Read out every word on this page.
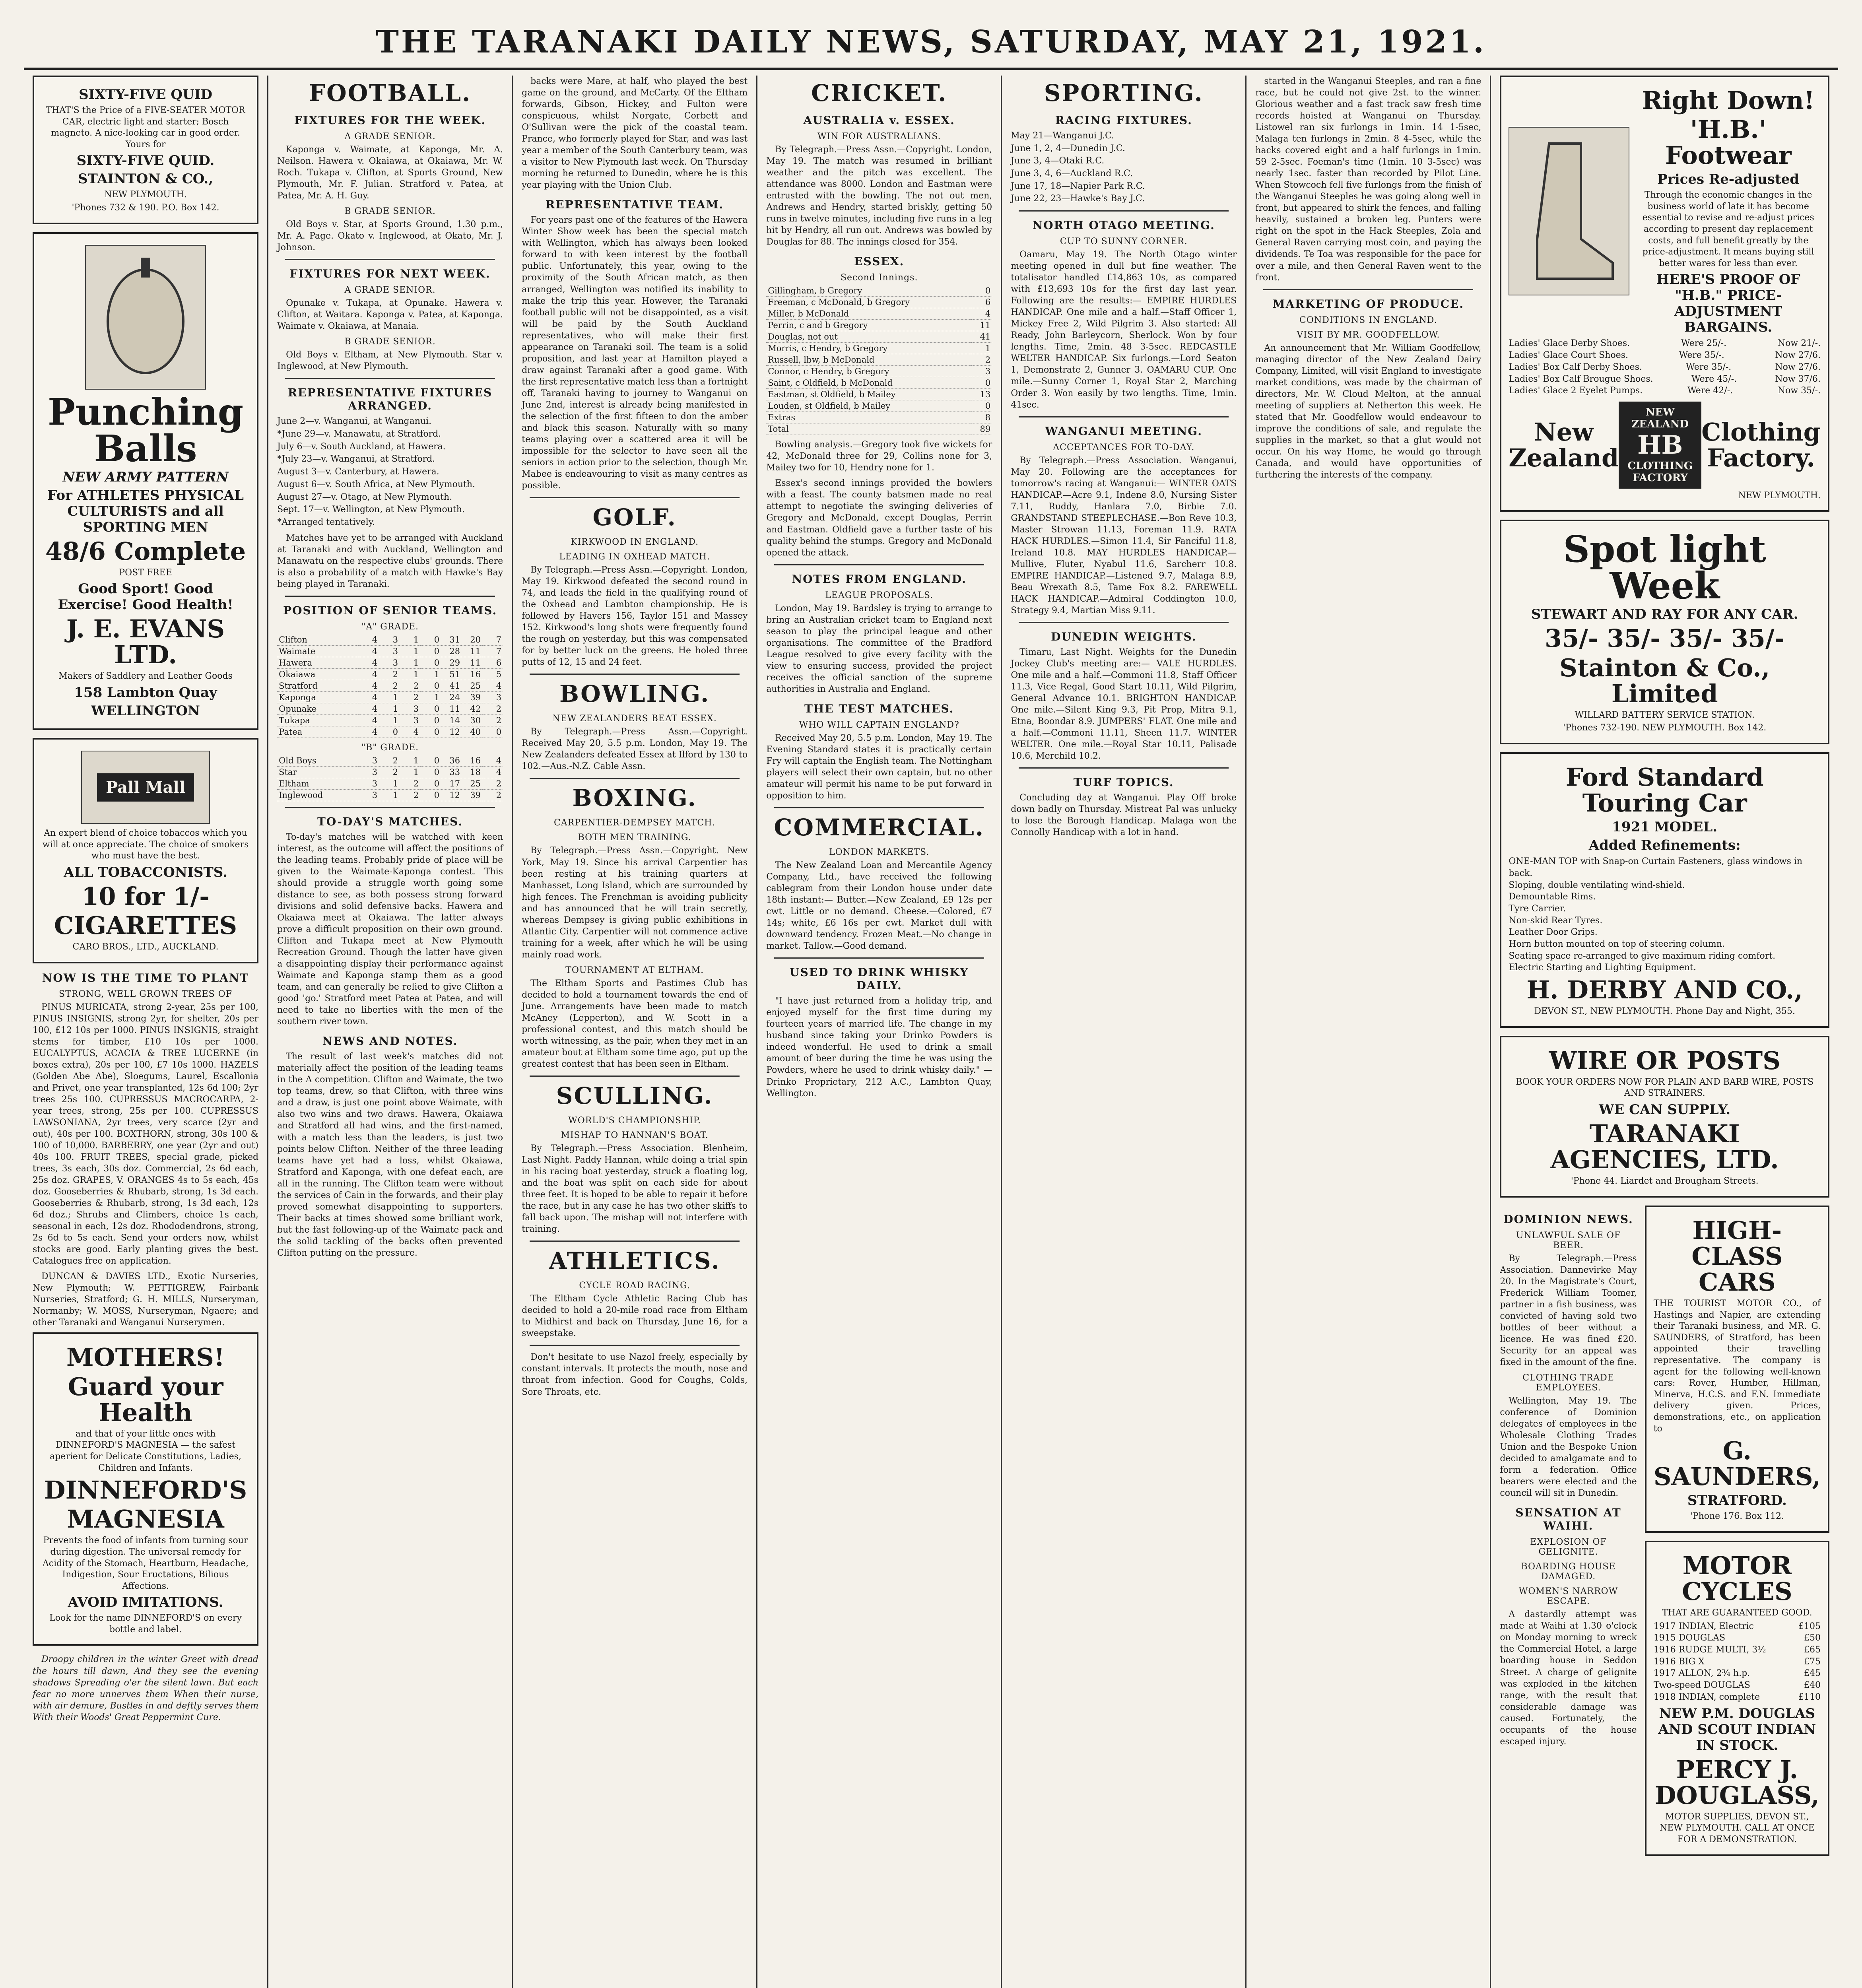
THE TARANAKI DAILY NEWS, SATURDAY, MAY 21, 1921.
SIXTY-FIVE QUID
THAT'S the Price of a FIVE-SEATER MOTOR CAR, electric light and starter; Bosch magneto. A nice-looking car in good order. Yours for
SIXTY-FIVE QUID.
STAINTON & CO.,
NEW PLYMOUTH.
'Phones 732 & 190. P.O. Box 142.
Punching Balls
NEW ARMY PATTERN
For ATHLETES PHYSICAL CULTURISTS and all SPORTING MEN
48/6 Complete
POST FREE
Good Sport! Good Exercise! Good Health!
J. E. EVANS LTD.
Makers of Saddlery and Leather Goods
158 Lambton Quay
WELLINGTON
Pall Mall
An expert blend of choice tobaccos which you will at once appreciate. The choice of smokers who must have the best.
ALL TOBACCONISTS.
10 for 1/-
CIGARETTES
CARO BROS., LTD., AUCKLAND.
NOW IS THE TIME TO PLANT
STRONG, WELL GROWN TREES OF

PINUS MURICATA, strong 2-year, 25s per 100, PINUS INSIGNIS, strong 2yr, for shelter, 20s per 100, £12 10s per 1000. PINUS INSIGNIS, straight stems for timber, £10 10s per 1000. EUCALYPTUS, ACACIA & TREE LUCERNE (in boxes extra), 20s per 100, £7 10s 1000. HAZELS (Golden Abe Abe), Sloegums, Laurel, Escallonia and Privet, one year transplanted, 12s 6d 100; 2yr trees 25s 100. CUPRESSUS MACROCARPA, 2-year trees, strong, 25s per 100. CUPRESSUS LAWSONIANA, 2yr trees, very scarce (2yr and out), 40s per 100. BOXTHORN, strong, 30s 100 & 100 of 10,000. BARBERRY, one year (2yr and out) 40s 100. FRUIT TREES, special grade, picked trees, 3s each, 30s doz. Commercial, 2s 6d each, 25s doz. GRAPES, V. ORANGES 4s to 5s each, 45s doz. Gooseberries & Rhubarb, strong, 1s 3d each. Gooseberries & Rhubarb, strong, 1s 3d each, 12s 6d doz.; Shrubs and Climbers, choice 1s each, seasonal in each, 12s doz. Rhododendrons, strong, 2s 6d to 5s each. Send your orders now, whilst stocks are good. Early planting gives the best. Catalogues free on application.

DUNCAN & DAVIES LTD., Exotic Nurseries, New Plymouth; W. PETTIGREW, Fairbank Nurseries, Stratford; G. H. MILLS, Nurseryman, Normanby; W. MOSS, Nurseryman, Ngaere; and other Taranaki and Wanganui Nurserymen.

MOTHERS!
Guard your Health
and that of your little ones with DINNEFORD'S MAGNESIA — the safest aperient for Delicate Constitutions, Ladies, Children and Infants.
DINNEFORD'S
MAGNESIA
Prevents the food of infants from turning sour during digestion. The universal remedy for Acidity of the Stomach, Heartburn, Headache, Indigestion, Sour Eructations, Bilious Affections.
AVOID IMITATIONS.
Look for the name DINNEFORD'S on every bottle and label.

Droopy children in the winter Greet with dread the hours till dawn, And they see the evening shadows Spreading o'er the silent lawn. But each fear no more unnerves them When their nurse, with air demure, Bustles in and deftly serves them With their Woods' Great Peppermint Cure.

FOOTBALL.
FIXTURES FOR THE WEEK.
A GRADE SENIOR.

Kaponga v. Waimate, at Kaponga, Mr. A. Neilson. Hawera v. Okaiawa, at Okaiawa, Mr. W. Roch. Tukapa v. Clifton, at Sports Ground, New Plymouth, Mr. F. Julian. Stratford v. Patea, at Patea, Mr. A. H. Guy.

B GRADE SENIOR.

Old Boys v. Star, at Sports Ground, 1.30 p.m., Mr. A. Page. Okato v. Inglewood, at Okato, Mr. J. Johnson.

FIXTURES FOR NEXT WEEK.
A GRADE SENIOR.

Opunake v. Tukapa, at Opunake. Hawera v. Clifton, at Waitara. Kaponga v. Patea, at Kaponga. Waimate v. Okaiawa, at Manaia.

B GRADE SENIOR.

Old Boys v. Eltham, at New Plymouth. Star v. Inglewood, at New Plymouth.

REPRESENTATIVE FIXTURES ARRANGED.
June 2—v. Wanganui, at Wanganui.
*June 29—v. Manawatu, at Stratford.
July 6—v. South Auckland, at Hawera.
*July 23—v. Wanganui, at Stratford.
August 3—v. Canterbury, at Hawera.
August 6—v. South Africa, at New Plymouth.
August 27—v. Otago, at New Plymouth.
Sept. 17—v. Wellington, at New Plymouth.
*Arranged tentatively.

Matches have yet to be arranged with Auckland at Taranaki and with Auckland, Wellington and Manawatu on the respective clubs' grounds. There is also a probability of a match with Hawke's Bay being played in Taranaki.

POSITION OF SENIOR TEAMS.
"A" GRADE.
Clifton	4	3	1	0	31	20	7
Waimate	4	3	1	0	28	11	7
Hawera	4	3	1	0	29	11	6
Okaiawa	4	2	1	1	51	16	5
Stratford	4	2	2	0	41	25	4
Kaponga	4	1	2	1	24	39	3
Opunake	4	1	3	0	11	42	2
Tukapa	4	1	3	0	14	30	2
Patea	4	0	4	0	12	40	0
"B" GRADE.
Old Boys	3	2	1	0	36	16	4
Star	3	2	1	0	33	18	4
Eltham	3	1	2	0	17	25	2
Inglewood	3	1	2	0	12	39	2
TO-DAY'S MATCHES.

To-day's matches will be watched with keen interest, as the outcome will affect the positions of the leading teams. Probably pride of place will be given to the Waimate-Kaponga contest. This should provide a struggle worth going some distance to see, as both possess strong forward divisions and solid defensive backs. Hawera and Okaiawa meet at Okaiawa. The latter always prove a difficult proposition on their own ground. Clifton and Tukapa meet at New Plymouth Recreation Ground. Though the latter have given a disappointing display their performance against Waimate and Kaponga stamp them as a good team, and can generally be relied to give Clifton a good 'go.' Stratford meet Patea at Patea, and will need to take no liberties with the men of the southern river town.

NEWS AND NOTES.

The result of last week's matches did not materially affect the position of the leading teams in the A competition. Clifton and Waimate, the two top teams, drew, so that Clifton, with three wins and a draw, is just one point above Waimate, with also two wins and two draws. Hawera, Okaiawa and Stratford all had wins, and the first-named, with a match less than the leaders, is just two points below Clifton. Neither of the three leading teams have yet had a loss, whilst Okaiawa, Stratford and Kaponga, with one defeat each, are all in the running. The Clifton team were without the services of Cain in the forwards, and their play proved somewhat disappointing to supporters. Their backs at times showed some brilliant work, but the fast following-up of the Waimate pack and the solid tackling of the backs often prevented Clifton putting on the pressure.

backs were Mare, at half, who played the best game on the ground, and McCarty. Of the Eltham forwards, Gibson, Hickey, and Fulton were conspicuous, whilst Norgate, Corbett and O'Sullivan were the pick of the coastal team. Prance, who formerly played for Star, and was last year a member of the South Canterbury team, was a visitor to New Plymouth last week. On Thursday morning he returned to Dunedin, where he is this year playing with the Union Club.

REPRESENTATIVE TEAM.

For years past one of the features of the Hawera Winter Show week has been the special match with Wellington, which has always been looked forward to with keen interest by the football public. Unfortunately, this year, owing to the proximity of the South African match, as then arranged, Wellington was notified its inability to make the trip this year. However, the Taranaki football public will not be disappointed, as a visit will be paid by the South Auckland representatives, who will make their first appearance on Taranaki soil. The team is a solid proposition, and last year at Hamilton played a draw against Taranaki after a good game. With the first representative match less than a fortnight off, Taranaki having to journey to Wanganui on June 2nd, interest is already being manifested in the selection of the first fifteen to don the amber and black this season. Naturally with so many teams playing over a scattered area it will be impossible for the selector to have seen all the seniors in action prior to the selection, though Mr. Mabee is endeavouring to visit as many centres as possible.

GOLF.
KIRKWOOD IN ENGLAND.
LEADING IN OXHEAD MATCH.

By Telegraph.—Press Assn.—Copyright. London, May 19. Kirkwood defeated the second round in 74, and leads the field in the qualifying round of the Oxhead and Lambton championship. He is followed by Havers 156, Taylor 151 and Massey 152. Kirkwood's long shots were frequently found the rough on yesterday, but this was compensated for by better luck on the greens. He holed three putts of 12, 15 and 24 feet.

BOWLING.
NEW ZEALANDERS BEAT ESSEX.

By Telegraph.—Press Assn.—Copyright. Received May 20, 5.5 p.m. London, May 19. The New Zealanders defeated Essex at Ilford by 130 to 102.—Aus.-N.Z. Cable Assn.

BOXING.
CARPENTIER-DEMPSEY MATCH.
BOTH MEN TRAINING.

By Telegraph.—Press Assn.—Copyright. New York, May 19. Since his arrival Carpentier has been resting at his training quarters at Manhasset, Long Island, which are surrounded by high fences. The Frenchman is avoiding publicity and has announced that he will train secretly, whereas Dempsey is giving public exhibitions in Atlantic City. Carpentier will not commence active training for a week, after which he will be using mainly road work.

TOURNAMENT AT ELTHAM.

The Eltham Sports and Pastimes Club has decided to hold a tournament towards the end of June. Arrangements have been made to match McAney (Lepperton), and W. Scott in a professional contest, and this match should be worth witnessing, as the pair, when they met in an amateur bout at Eltham some time ago, put up the greatest contest that has been seen in Eltham.

SCULLING.
WORLD'S CHAMPIONSHIP.
MISHAP TO HANNAN'S BOAT.

By Telegraph.—Press Association. Blenheim, Last Night. Paddy Hannan, while doing a trial spin in his racing boat yesterday, struck a floating log, and the boat was split on each side for about three feet. It is hoped to be able to repair it before the race, but in any case he has two other skiffs to fall back upon. The mishap will not interfere with training.

ATHLETICS.
CYCLE ROAD RACING.

The Eltham Cycle Athletic Racing Club has decided to hold a 20-mile road race from Eltham to Midhirst and back on Thursday, June 16, for a sweepstake.

Don't hesitate to use Nazol freely, especially by constant intervals. It protects the mouth, nose and throat from infection. Good for Coughs, Colds, Sore Throats, etc.

CRICKET.
AUSTRALIA v. ESSEX.
WIN FOR AUSTRALIANS.

By Telegraph.—Press Assn.—Copyright. London, May 19. The match was resumed in brilliant weather and the pitch was excellent. The attendance was 8000. London and Eastman were entrusted with the bowling. The not out men, Andrews and Hendry, started briskly, getting 50 runs in twelve minutes, including five runs in a leg hit by Hendry, all run out. Andrews was bowled by Douglas for 88. The innings closed for 354.

ESSEX.
Second Innings.
Gillingham, b Gregory	0
Freeman, c McDonald, b Gregory	6
Miller, b McDonald	4
Perrin, c and b Gregory	11
Douglas, not out	41
Morris, c Hendry, b Gregory	1
Russell, lbw, b McDonald	2
Connor, c Hendry, b Gregory	3
Saint, c Oldfield, b McDonald	0
Eastman, st Oldfield, b Mailey	13
Louden, st Oldfield, b Mailey	0
Extras	8
Total	89

Bowling analysis.—Gregory took five wickets for 42, McDonald three for 29, Collins none for 3, Mailey two for 10, Hendry none for 1.

Essex's second innings provided the bowlers with a feast. The county batsmen made no real attempt to negotiate the swinging deliveries of Gregory and McDonald, except Douglas, Perrin and Eastman. Oldfield gave a further taste of his quality behind the stumps. Gregory and McDonald opened the attack.

NOTES FROM ENGLAND.
LEAGUE PROPOSALS.

London, May 19. Bardsley is trying to arrange to bring an Australian cricket team to England next season to play the principal league and other organisations. The committee of the Bradford League resolved to give every facility with the view to ensuring success, provided the project receives the official sanction of the supreme authorities in Australia and England.

THE TEST MATCHES.
WHO WILL CAPTAIN ENGLAND?

Received May 20, 5.5 p.m. London, May 19. The Evening Standard states it is practically certain Fry will captain the English team. The Nottingham players will select their own captain, but no other amateur will permit his name to be put forward in opposition to him.

COMMERCIAL.
LONDON MARKETS.

The New Zealand Loan and Mercantile Agency Company, Ltd., have received the following cablegram from their London house under date 18th instant:— Butter.—New Zealand, £9 12s per cwt. Little or no demand. Cheese.—Colored, £7 14s; white, £6 16s per cwt. Market dull with downward tendency. Frozen Meat.—No change in market. Tallow.—Good demand.

USED TO DRINK WHISKY DAILY.

"I have just returned from a holiday trip, and enjoyed myself for the first time during my fourteen years of married life. The change in my husband since taking your Drinko Powders is indeed wonderful. He used to drink a small amount of beer during the time he was using the Powders, where he used to drink whisky daily." — Drinko Proprietary, 212 A.C., Lambton Quay, Wellington.

SPORTING.
RACING FIXTURES.
May 21—Wanganui J.C.
June 1, 2, 4—Dunedin J.C.
June 3, 4—Otaki R.C.
June 3, 4, 6—Auckland R.C.
June 17, 18—Napier Park R.C.
June 22, 23—Hawke's Bay J.C.
NORTH OTAGO MEETING.
CUP TO SUNNY CORNER.

Oamaru, May 19. The North Otago winter meeting opened in dull but fine weather. The totalisator handled £14,863 10s, as compared with £13,693 10s for the first day last year. Following are the results:— EMPIRE HURDLES HANDICAP. One mile and a half.—Staff Officer 1, Mickey Free 2, Wild Pilgrim 3. Also started: All Ready, John Barleycorn, Sherlock. Won by four lengths. Time, 2min. 48 3-5sec. REDCASTLE WELTER HANDICAP. Six furlongs.—Lord Seaton 1, Demonstrate 2, Gunner 3. OAMARU CUP. One mile.—Sunny Corner 1, Royal Star 2, Marching Order 3. Won easily by two lengths. Time, 1min. 41sec.

WANGANUI MEETING.
ACCEPTANCES FOR TO-DAY.

By Telegraph.—Press Association. Wanganui, May 20. Following are the acceptances for tomorrow's racing at Wanganui:— WINTER OATS HANDICAP.—Acre 9.1, Indene 8.0, Nursing Sister 7.11, Ruddy, Hanlara 7.0, Birbie 7.0. GRANDSTAND STEEPLECHASE.—Bon Reve 10.3, Master Strowan 11.13, Foreman 11.9. RATA HACK HURDLES.—Simon 11.4, Sir Fanciful 11.8, Ireland 10.8. MAY HURDLES HANDICAP.—Mullive, Fluter, Nyabul 11.6, Sarcherr 10.8. EMPIRE HANDICAP.—Listened 9.7, Malaga 8.9, Beau Wrexath 8.5, Tame Fox 8.2. FAREWELL HACK HANDICAP.—Admiral Coddington 10.0, Strategy 9.4, Martian Miss 9.11.

DUNEDIN WEIGHTS.

Timaru, Last Night. Weights for the Dunedin Jockey Club's meeting are:— VALE HURDLES. One mile and a half.—Commoni 11.8, Staff Officer 11.3, Vice Regal, Good Start 10.11, Wild Pilgrim, General Advance 10.1. BRIGHTON HANDICAP. One mile.—Silent King 9.3, Pit Prop, Mitra 9.1, Etna, Boondar 8.9. JUMPERS' FLAT. One mile and a half.—Commoni 11.11, Sheen 11.7. WINTER WELTER. One mile.—Royal Star 10.11, Palisade 10.6, Merchild 10.2.

TURF TOPICS.

Concluding day at Wanganui. Play Off broke down badly on Thursday. Mistreat Pal was unlucky to lose the Borough Handicap. Malaga won the Connolly Handicap with a lot in hand.

started in the Wanganui Steeples, and ran a fine race, but he could not give 2st. to the winner. Glorious weather and a fast track saw fresh time records hoisted at Wanganui on Thursday. Listowel ran six furlongs in 1min. 14 1-5sec, Malaga ten furlongs in 2min. 8 4-5sec, while the hacks covered eight and a half furlongs in 1min. 59 2-5sec. Foeman's time (1min. 10 3-5sec) was nearly 1sec. faster than recorded by Pilot Line. When Stowcoch fell five furlongs from the finish of the Wanganui Steeples he was going along well in front, but appeared to shirk the fences, and falling heavily, sustained a broken leg. Punters were right on the spot in the Hack Steeples, Zola and General Raven carrying most coin, and paying the dividends. Te Toa was responsible for the pace for over a mile, and then General Raven went to the front.

MARKETING OF PRODUCE.
CONDITIONS IN ENGLAND.
VISIT BY MR. GOODFELLOW.

An announcement that Mr. William Goodfellow, managing director of the New Zealand Dairy Company, Limited, will visit England to investigate market conditions, was made by the chairman of directors, Mr. W. Cloud Melton, at the annual meeting of suppliers at Netherton this week. He stated that Mr. Goodfellow would endeavour to improve the conditions of sale, and regulate the supplies in the market, so that a glut would not occur. On his way Home, he would go through Canada, and would have opportunities of furthering the interests of the company.

Right Down!
'H.B.' Footwear
Prices Re-adjusted
Through the economic changes in the business world of late it has become essential to revise and re-adjust prices according to present day replacement costs, and full benefit greatly by the price-adjustment. It means buying still better wares for less than ever.
HERE'S PROOF OF "H.B." PRICE-ADJUSTMENT BARGAINS.
Ladies' Glace Derby Shoes.	Were 25/-.	Now 21/-.
Ladies' Glace Court Shoes.	Were 35/-.	Now 27/6.
Ladies' Box Calf Derby Shoes.	Were 35/-.	Now 27/6.
Ladies' Box Calf Brougue Shoes.	Were 45/-.	Now 37/6.
Ladies' Glace 2 Eyelet Pumps.	Were 42/-.	Now 35/-.
New Zealand
NEW ZEALAND
HB
CLOTHING FACTORY
Clothing Factory.
NEW PLYMOUTH.
Spot light Week
STEWART AND RAY FOR ANY CAR.
35/- 35/- 35/- 35/-
Stainton & Co., Limited
WILLARD BATTERY SERVICE STATION.
'Phones 732-190. NEW PLYMOUTH. Box 142.
Ford Standard Touring Car
1921 MODEL.
Added Refinements:
ONE-MAN TOP with Snap-on Curtain Fasteners, glass windows in back.
Sloping, double ventilating wind-shield.
Demountable Rims.
Tyre Carrier.
Non-skid Rear Tyres.
Leather Door Grips.
Horn button mounted on top of steering column.
Seating space re-arranged to give maximum riding comfort.
Electric Starting and Lighting Equipment.
H. DERBY AND CO.,
DEVON ST., NEW PLYMOUTH. Phone Day and Night, 355.
WIRE OR POSTS
BOOK YOUR ORDERS NOW FOR PLAIN AND BARB WIRE, POSTS AND STRAINERS.
WE CAN SUPPLY.
TARANAKI AGENCIES, LTD.
'Phone 44. Liardet and Brougham Streets.
DOMINION NEWS.
UNLAWFUL SALE OF BEER.

By Telegraph.—Press Association. Dannevirke May 20. In the Magistrate's Court, Frederick William Toomer, partner in a fish business, was convicted of having sold two bottles of beer without a licence. He was fined £20. Security for an appeal was fixed in the amount of the fine.

CLOTHING TRADE EMPLOYEES.

Wellington, May 19. The conference of Dominion delegates of employees in the Wholesale Clothing Trades Union and the Bespoke Union decided to amalgamate and to form a federation. Office bearers were elected and the council will sit in Dunedin.

SENSATION AT WAIHI.
EXPLOSION OF GELIGNITE.
BOARDING HOUSE DAMAGED.
WOMEN'S NARROW ESCAPE.

A dastardly attempt was made at Waihi at 1.30 o'clock on Monday morning to wreck the Commercial Hotel, a large boarding house in Seddon Street. A charge of gelignite was exploded in the kitchen range, with the result that considerable damage was caused. Fortunately, the occupants of the house escaped injury.

HIGH-CLASS CARS
THE TOURIST MOTOR CO., of Hastings and Napier, are extending their Taranaki business, and MR. G. SAUNDERS, of Stratford, has been appointed their travelling representative. The company is agent for the following well-known cars: Rover, Humber, Hillman, Minerva, H.C.S. and F.N. Immediate delivery given. Prices, demonstrations, etc., on application to
G. SAUNDERS,
STRATFORD.
'Phone 176. Box 112.
MOTOR CYCLES
THAT ARE GUARANTEED GOOD.
1917 INDIAN, Electric	£105
1915 DOUGLAS	£50
1916 RUDGE MULTI, 3½	£65
1916 BIG X	£75
1917 ALLON, 2¾ h.p.	£45
Two-speed DOUGLAS	£40
1918 INDIAN, complete	£110
NEW P.M. DOUGLAS AND SCOUT INDIAN IN STOCK.
PERCY J. DOUGLASS,
MOTOR SUPPLIES, DEVON ST., NEW PLYMOUTH. CALL AT ONCE FOR A DEMONSTRATION.
